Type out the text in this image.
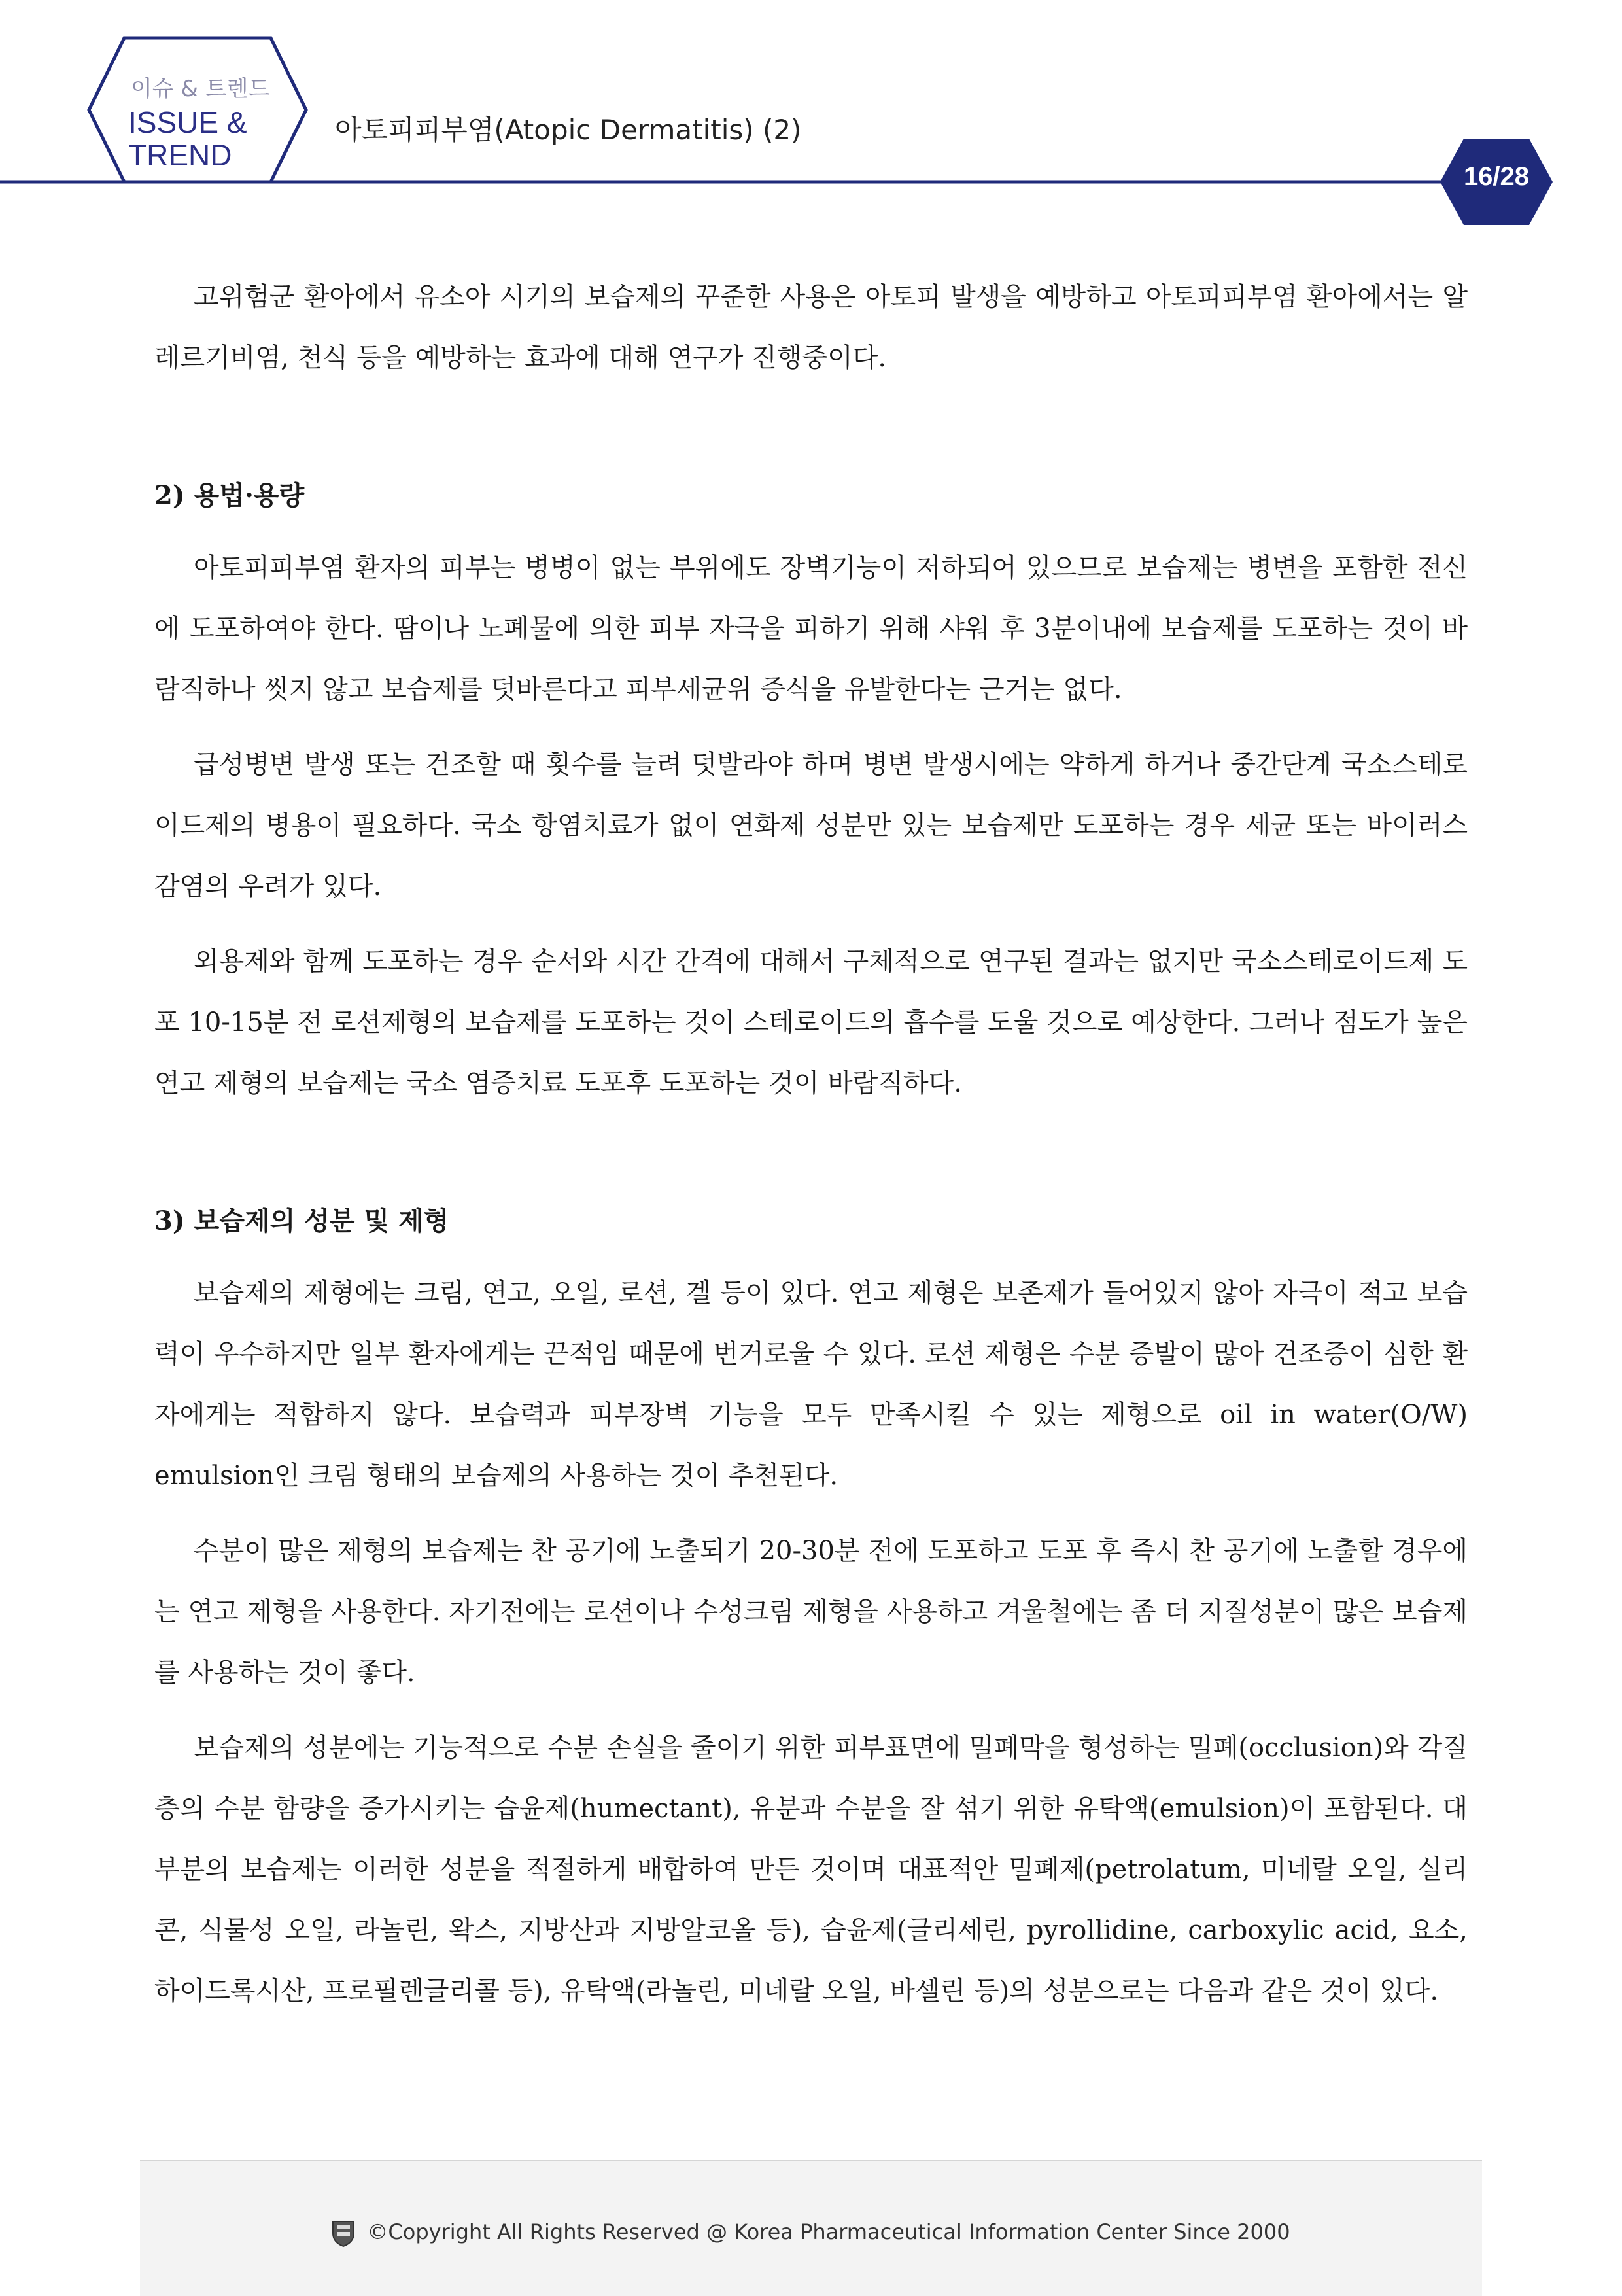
이슈 & 트렌드
ISSUE &
TREND
아토피피부염(Atopic Dermatitis) (2)
16/28

고위험군 환아에서 유소아 시기의 보습제의 꾸준한 사용은 아토피 발생을 예방하고 아토피피부염 환아에서는 알레르기비염, 천식 등을 예방하는 효과에 대해 연구가 진행중이다.

2) 용법·용량

아토피피부염 환자의 피부는 병병이 없는 부위에도 장벽기능이 저하되어 있으므로 보습제는 병변을 포함한 전신에 도포하여야 한다. 땀이나 노폐물에 의한 피부 자극을 피하기 위해 샤워 후 3분이내에 보습제를 도포하는 것이 바람직하나 씻지 않고 보습제를 덧바른다고 피부세균위 증식을 유발한다는 근거는 없다.

급성병변 발생 또는 건조할 때 횟수를 늘려 덧발라야 하며 병변 발생시에는 약하게 하거나 중간단계 국소스테로이드제의 병용이 필요하다. 국소 항염치료가 없이 연화제 성분만 있는 보습제만 도포하는 경우 세균 또는 바이러스 감염의 우려가 있다.

외용제와 함께 도포하는 경우 순서와 시간 간격에 대해서 구체적으로 연구된 결과는 없지만 국소스테로이드제 도포 10-15분 전 로션제형의 보습제를 도포하는 것이 스테로이드의 흡수를 도울 것으로 예상한다. 그러나 점도가 높은 연고 제형의 보습제는 국소 염증치료 도포후 도포하는 것이 바람직하다.

3) 보습제의 성분 및 제형

보습제의 제형에는 크림, 연고, 오일, 로션, 겔 등이 있다. 연고 제형은 보존제가 들어있지 않아 자극이 적고 보습력이 우수하지만 일부 환자에게는 끈적임 때문에 번거로울 수 있다. 로션 제형은 수분 증발이 많아 건조증이 심한 환자에게는 적합하지 않다. 보습력과 피부장벽 기능을 모두 만족시킬 수 있는 제형으로 oil in water(O/W) emulsion인 크림 형태의 보습제의 사용하는 것이 추천된다.

수분이 많은 제형의 보습제는 찬 공기에 노출되기 20-30분 전에 도포하고 도포 후 즉시 찬 공기에 노출할 경우에는 연고 제형을 사용한다. 자기전에는 로션이나 수성크림 제형을 사용하고 겨울철에는 좀 더 지질성분이 많은 보습제를 사용하는 것이 좋다.

보습제의 성분에는 기능적으로 수분 손실을 줄이기 위한 피부표면에 밀폐막을 형성하는 밀폐(occlusion)와 각질층의 수분 함량을 증가시키는 습윤제(humectant), 유분과 수분을 잘 섞기 위한 유탁액(emulsion)이 포함된다. 대부분의 보습제는 이러한 성분을 적절하게 배합하여 만든 것이며 대표적안 밀폐제(petrolatum, 미네랄 오일, 실리콘, 식물성 오일, 라놀린, 왁스, 지방산과 지방알코올 등), 습윤제(글리세린, pyrollidine, carboxylic acid, 요소, 하이드록시산, 프로필렌글리콜 등), 유탁액(라놀린, 미네랄 오일, 바셀린 등)의 성분으로는 다음과 같은 것이 있다.

©Copyright All Rights Reserved @ Korea Pharmaceutical Information Center Since 2000
